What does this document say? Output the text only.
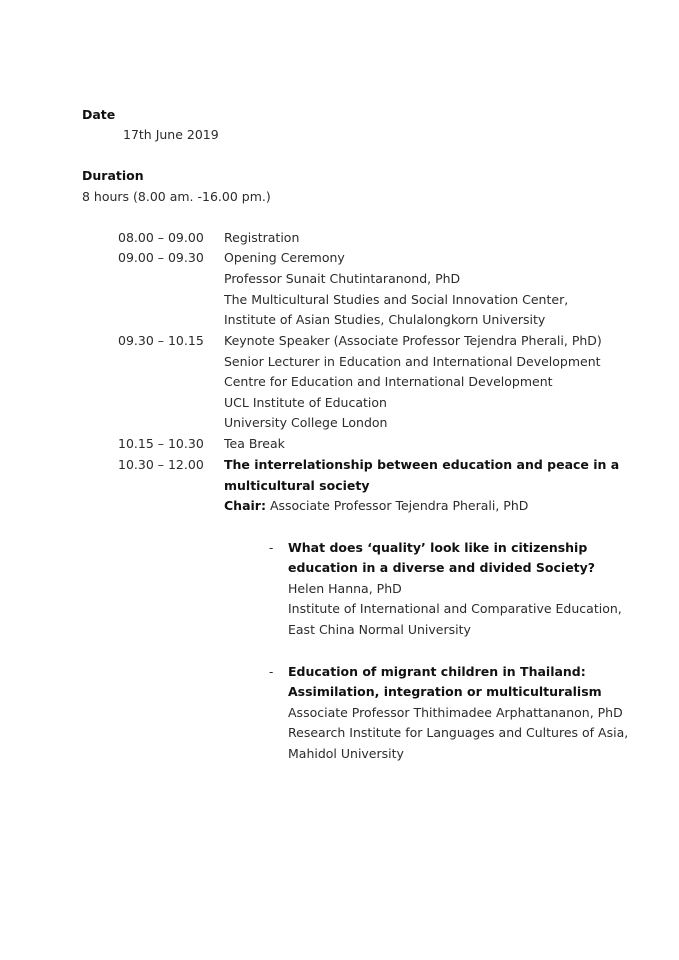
Date
17th June 2019
Duration
8 hours (8.00 am. -16.00 pm.)
08.00 – 09.00 Registration
09.00 – 09.30 Opening Ceremony
Professor Sunait Chutintaranond, PhD
The Multicultural Studies and Social Innovation Center,
Institute of Asian Studies, Chulalongkorn University
09.30 – 10.15 Keynote Speaker (Associate Professor Tejendra Pherali, PhD)
Senior Lecturer in Education and International Development
Centre for Education and International Development
UCL Institute of Education
University College London
10.15 – 10.30 Tea Break
10.30 – 12.00 The interrelationship between education and peace in a
multicultural society
Chair: Associate Professor Tejendra Pherali, PhD
- What does ‘quality’ look like in citizenship
education in a diverse and divided Society?
Helen Hanna, PhD
Institute of International and Comparative Education,
East China Normal University
- Education of migrant children in Thailand:
Assimilation, integration or multiculturalism
Associate Professor Thithimadee Arphattananon, PhD
Research Institute for Languages and Cultures of Asia,
Mahidol University
